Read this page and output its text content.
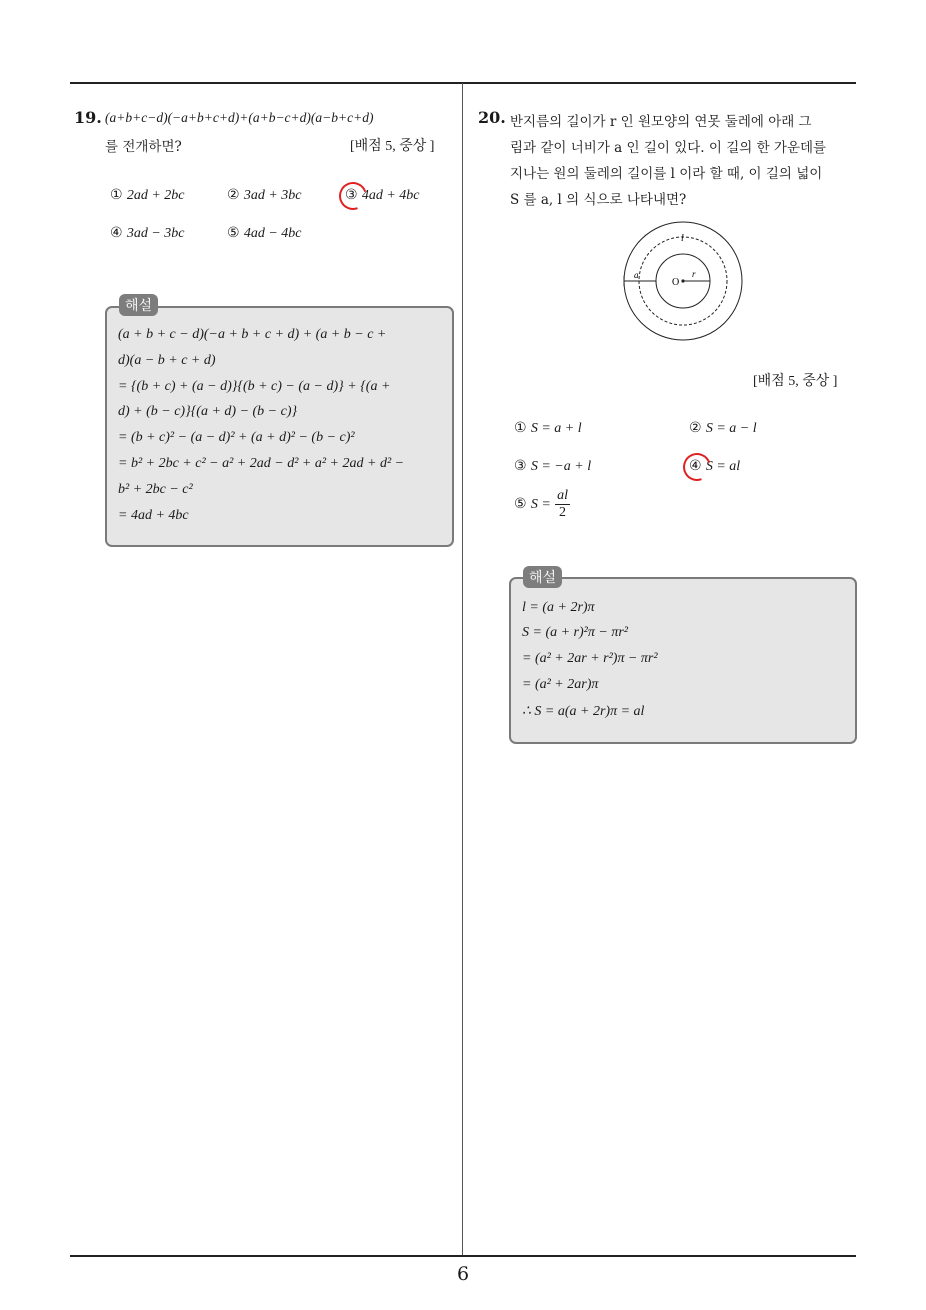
6
19. (a+b+c−d)(−a+b+c+d)+(a+b−c+d)(a−b+c+d)
를 전개하면?	[배점 5, 중상 ]
① 2ad + 2bc	② 3ad + 3bc	③ 4ad + 4bc
④ 3ad − 3bc	⑤ 4ad − 4bc
해설
(a + b + c − d)(−a + b + c + d) + (a + b − c +
d)(a − b + c + d)
= {(b + c) + (a − d)}{(b + c) − (a − d)} + {(a +
d) + (b − c)}{(a + d) − (b − c)}
= (b + c)² − (a − d)² + (a + d)² − (b − c)²
= b² + 2bc + c² − a² + 2ad − d² + a² + 2ad + d² −
b² + 2bc − c²
= 4ad + 4bc
20. 반지름의 길이가 r 인 원모양의 연못 둘레에 아래 그
림과 같이 너비가 a 인 길이 있다. 이 길의 한 가운데를
지나는 원의 둘레의 길이를 l 이라 할 때, 이 길의 넓이
S 를 a, l 의 식으로 나타내면?
O
r
a
l
[배점 5, 중상 ]
① S = a + l	② S = a − l
③ S = −a + l	④ S = al
⑤ $S = \frac{al}{2}$
해설
l = (a + 2r)π
S = (a + r)²π − πr²
= (a² + 2ar + r²)π − πr²
= (a² + 2ar)π
∴ S = a(a + 2r)π = al
